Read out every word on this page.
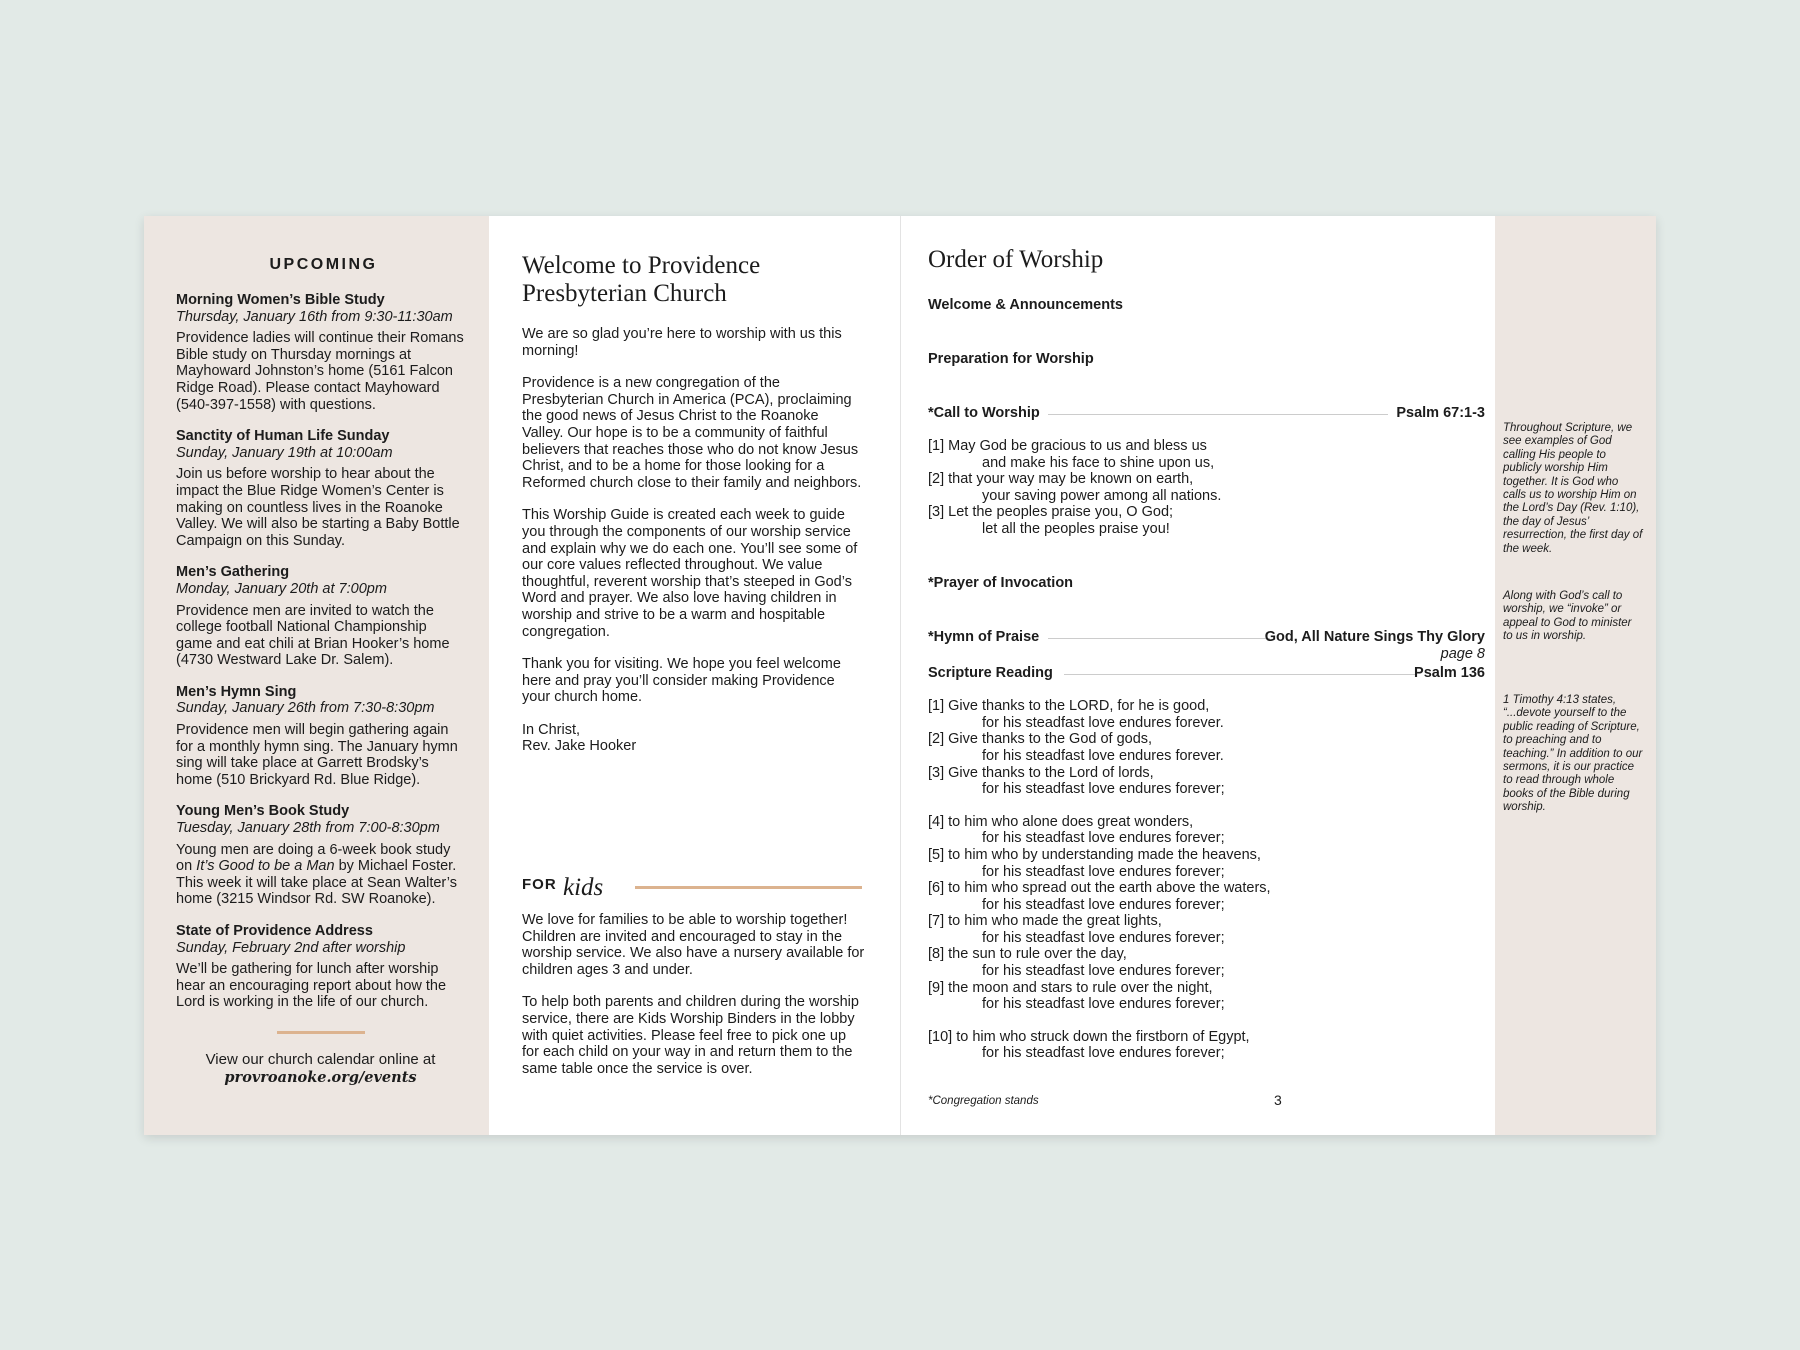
UPCOMING
Morning Women’s Bible Study
Thursday, January 16th from 9:30-11:30am
Providence ladies will continue their Romans Bible study on Thursday mornings at Mayhoward Johnston’s home (5161 Falcon Ridge Road). Please contact Mayhoward (540-397-1558) with questions.
Sanctity of Human Life Sunday
Sunday, January 19th at 10:00am
Join us before worship to hear about the impact the Blue Ridge Women’s Center is making on countless lives in the Roanoke Valley. We will also be starting a Baby Bottle Campaign on this Sunday.
Men’s Gathering
Monday, January 20th at 7:00pm
Providence men are invited to watch the college football National Championship game and eat chili at Brian Hooker’s home (4730 Westward Lake Dr. Salem).
Men’s Hymn Sing
Sunday, January 26th from 7:30-8:30pm
Providence men will begin gathering again for a monthly hymn sing. The January hymn sing will take place at Garrett Brodsky’s home (510 Brickyard Rd. Blue Ridge).
Young Men’s Book Study
Tuesday, January 28th from 7:00-8:30pm
Young men are doing a 6-week book study on It’s Good to be a Man by Michael Foster. This week it will take place at Sean Walter’s home (3215 Windsor Rd. SW Roanoke).
State of Providence Address
Sunday, February 2nd after worship
We’ll be gathering for lunch after worship hear an encouraging report about how the Lord is working in the life of our church.
View our church calendar online at
provroanoke.org/events
Welcome to Providence Presbyterian Church

We are so glad you’re here to worship with us this morning!

Providence is a new congregation of the Presbyterian Church in America (PCA), proclaiming the good news of Jesus Christ to the Roanoke Valley. Our hope is to be a community of faithful believers that reaches those who do not know Jesus Christ, and to be a home for those looking for a Reformed church close to their family and neighbors.

This Worship Guide is created each week to guide you through the components of our worship service and explain why we do each one. You’ll see some of our core values reflected throughout. We value thoughtful, reverent worship that’s steeped in God’s Word and prayer. We also love having children in worship and strive to be a warm and hospitable congregation.

Thank you for visiting. We hope you feel welcome here and pray you’ll consider making Providence your church home.

In Christ,
Rev. Jake Hooker
FOR kids

We love for families to be able to worship together! Children are invited and encouraged to stay in the worship service. We also have a nursery available for children ages 3 and under.

To help both parents and children during the worship service, there are Kids Worship Binders in the lobby with quiet activities. Please feel free to pick one up for each child on your way in and return them to the same table once the service is over.

Order of Worship
Welcome & Announcements
Preparation for Worship
*Call to Worship	Psalm 67:1-3
[1] May God be gracious to us and bless us
and make his face to shine upon us,
[2] that your way may be known on earth,
your saving power among all nations.
[3] Let the peoples praise you, O God;
let all the peoples praise you!
*Prayer of Invocation
*Hymn of Praise	God, All Nature Sings Thy Glory
page 8
Scripture Reading	Psalm 136
[1] Give thanks to the LORD, for he is good,
for his steadfast love endures forever.
[2] Give thanks to the God of gods,
for his steadfast love endures forever.
[3] Give thanks to the Lord of lords,
for his steadfast love endures forever;
[4] to him who alone does great wonders,
for his steadfast love endures forever;
[5] to him who by understanding made the heavens,
for his steadfast love endures forever;
[6] to him who spread out the earth above the waters,
for his steadfast love endures forever;
[7] to him who made the great lights,
for his steadfast love endures forever;
[8] the sun to rule over the day,
for his steadfast love endures forever;
[9] the moon and stars to rule over the night,
for his steadfast love endures forever;
[10] to him who struck down the firstborn of Egypt,
for his steadfast love endures forever;
*Congregation stands	3
Throughout Scripture, we see examples of God calling His people to publicly worship Him together. It is God who calls us to worship Him on the Lord’s Day (Rev. 1:10), the day of Jesus’ resurrection, the first day of the week.
Along with God’s call to worship, we “invoke” or appeal to God to minister to us in worship.
1 Timothy 4:13 states, “...devote yourself to the public reading of Scripture, to preaching and to teaching.” In addition to our sermons, it is our practice to read through whole books of the Bible during worship.
